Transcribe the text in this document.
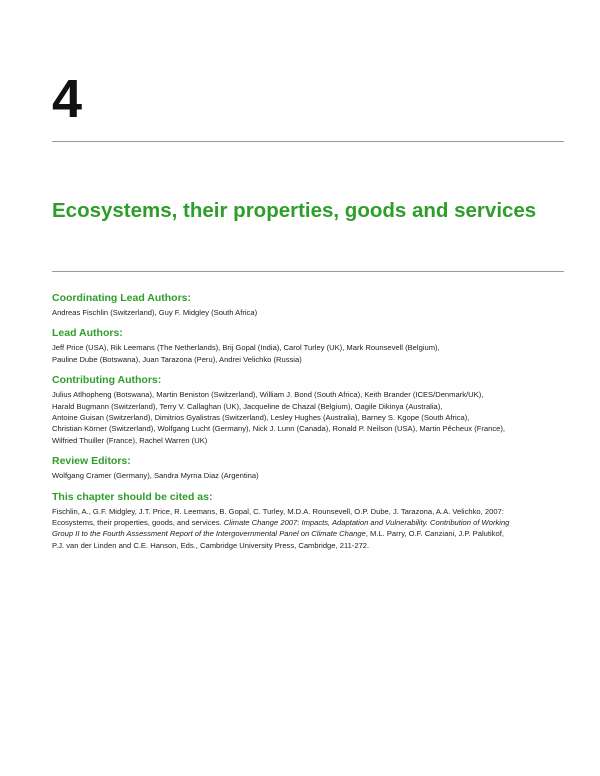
4
Ecosystems, their properties, goods and services
Coordinating Lead Authors:

Andreas Fischlin (Switzerland), Guy F. Midgley (South Africa)

Lead Authors:

Jeff Price (USA), Rik Leemans (The Netherlands), Brij Gopal (India), Carol Turley (UK), Mark Rounsevell (Belgium),
Pauline Dube (Botswana), Juan Tarazona (Peru), Andrei Velichko (Russia)

Contributing Authors:

Julius Atlhopheng (Botswana), Martin Beniston (Switzerland), William J. Bond (South Africa), Keith Brander (ICES/Denmark/UK),
Harald Bugmann (Switzerland), Terry V. Callaghan (UK), Jacqueline de Chazal (Belgium), Oagile Dikinya (Australia),
Antoine Guisan (Switzerland), Dimitrios Gyalistras (Switzerland), Lesley Hughes (Australia), Barney S. Kgope (South Africa),
Christian Körner (Switzerland), Wolfgang Lucht (Germany), Nick J. Lunn (Canada), Ronald P. Neilson (USA), Martin Pêcheux (France),
Wilfried Thuiller (France), Rachel Warren (UK)

Review Editors:

Wolfgang Cramer (Germany), Sandra Myrna Diaz (Argentina)

This chapter should be cited as:

Fischlin, A., G.F. Midgley, J.T. Price, R. Leemans, B. Gopal, C. Turley, M.D.A. Rounsevell, O.P. Dube, J. Tarazona, A.A. Velichko, 2007:
Ecosystems, their properties, goods, and services. Climate Change 2007: Impacts, Adaptation and Vulnerability. Contribution of Working
Group II to the Fourth Assessment Report of the Intergovernmental Panel on Climate Change, M.L. Parry, O.F. Canziani, J.P. Palutikof,
P.J. van der Linden and C.E. Hanson, Eds., Cambridge University Press, Cambridge, 211-272.
